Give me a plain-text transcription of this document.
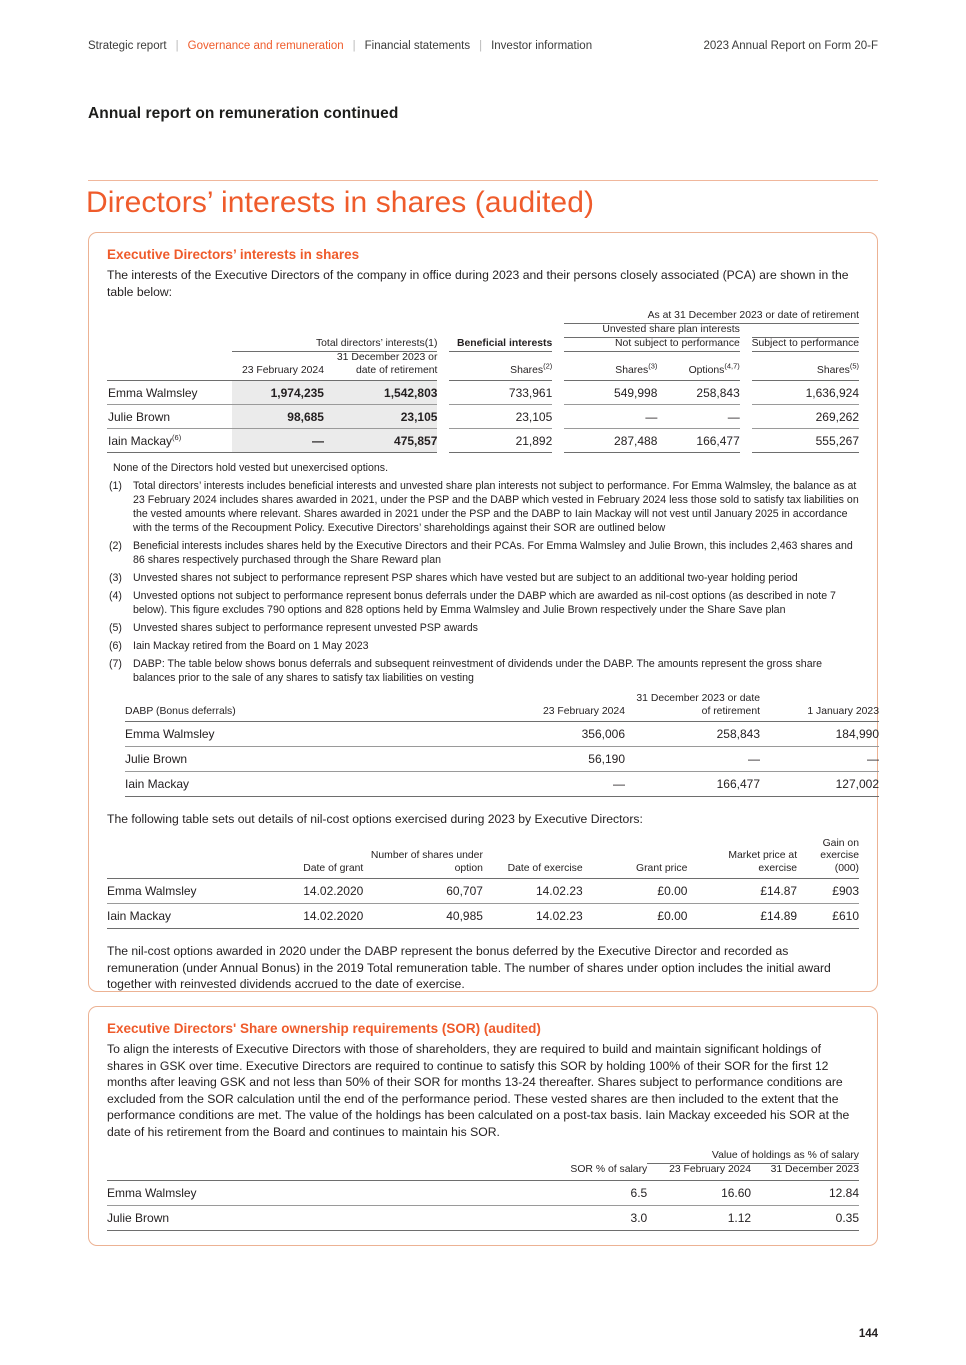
Strategic report | Governance and remuneration | Financial statements | Investor information	2023 Annual Report on Form 20-F
Annual report on remuneration continued
Directors’ interests in shares (audited)
Executive Directors’ interests in shares

The interests of the Executive Directors of the company in office during 2023 and their persons closely associated (PCA) are shown in the table below:

						As at 31 December 2023 or date of retirement			
						Unvested share plan interests			
	Total directors’ interests(1)			Beneficial interests		Not subject to performance			Subject to performance
	23 February 2024	31 December 2023 or date of retirement		Shares$^{(2)}$		Shares$^{(3)}$	Options$^{(4,7)}$		Shares$^{(5)}$
Emma Walmsley	1,974,235	1,542,803		733,961		549,998	258,843		1,636,924
Julie Brown	98,685	23,105		23,105		—	—		269,262
Iain Mackay$^{(6)}$	—	475,857		21,892		287,488	166,477		555,267
None of the Directors hold vested but unexercised options.
(1)	Total directors’ interests includes beneficial interests and unvested share plan interests not subject to performance. For Emma Walmsley, the balance as at 23 February 2024 includes shares awarded in 2021, under the PSP and the DABP which vested in February 2024 less those sold to satisfy tax liabilities on the vested amounts where relevant. Shares awarded in 2021 under the PSP and the DABP to Iain Mackay will not vest until January 2025 in accordance with the terms of the Recoupment Policy. Executive Directors’ shareholdings against their SOR are outlined below
(2)	Beneficial interests includes shares held by the Executive Directors and their PCAs. For Emma Walmsley and Julie Brown, this includes 2,463 shares and 86 shares respectively purchased through the Share Reward plan
(3)	Unvested shares not subject to performance represent PSP shares which have vested but are subject to an additional two-year holding period
(4)	Unvested options not subject to performance represent bonus deferrals under the DABP which are awarded as nil-cost options (as described in note 7 below). This figure excludes 790 options and 828 options held by Emma Walmsley and Julie Brown respectively under the Share Save plan
(5)	Unvested shares subject to performance represent unvested PSP awards
(6)	Iain Mackay retired from the Board on 1 May 2023
(7)	DABP: The table below shows bonus deferrals and subsequent reinvestment of dividends under the DABP. The amounts represent the gross share balances prior to the sale of any shares to satisfy tax liabilities on vesting
DABP (Bonus deferrals)	23 February 2024	31 December 2023 or date of retirement	1 January 2023
Emma Walmsley	356,006	258,843	184,990
Julie Brown	56,190	—	—
Iain Mackay	—	166,477	127,002

The following table sets out details of nil-cost options exercised during 2023 by Executive Directors:

	Date of grant	Number of shares under option	Date of exercise	Grant price	Market price at exercise	Gain on exercise (000)
Emma Walmsley	14.02.2020	60,707	14.02.23	£0.00	£14.87	£903
Iain Mackay	14.02.2020	40,985	14.02.23	£0.00	£14.89	£610

The nil-cost options awarded in 2020 under the DABP represent the bonus deferred by the Executive Director and recorded as remuneration (under Annual Bonus) in the 2019 Total remuneration table. The number of shares under option includes the initial award together with reinvested dividends accrued to the date of exercise.

Executive Directors' Share ownership requirements (SOR) (audited)

To align the interests of Executive Directors with those of shareholders, they are required to build and maintain significant holdings of shares in GSK over time. Executive Directors are required to continue to satisfy this SOR by holding 100% of their SOR for the first 12 months after leaving GSK and not less than 50% of their SOR for months 13-24 thereafter. Shares subject to performance conditions are excluded from the SOR calculation until the end of the performance period. These vested shares are then included to the extent that the performance conditions are met. The value of the holdings has been calculated on a post-tax basis. Iain Mackay exceeded his SOR at the date of his retirement from the Board and continues to maintain his SOR.

		Value of holdings as % of salary	
	SOR % of salary	23 February 2024	31 December 2023
Emma Walmsley	6.5	16.60	12.84
Julie Brown	3.0	1.12	0.35
144
